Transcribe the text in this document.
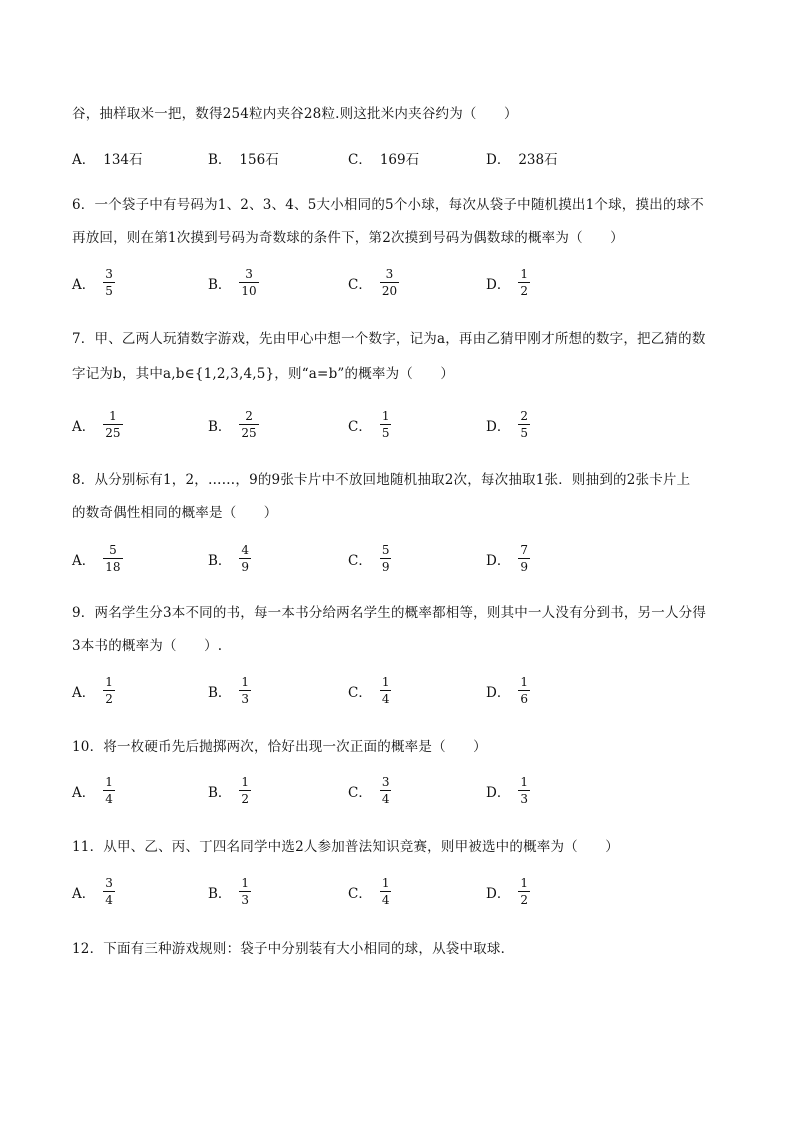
谷，抽样取米一把，数得254粒内夹谷28粒.则这批米内夹谷约为（　　）
A． 134石	B． 156石	C． 169石	D． 238石
6．一个袋子中有号码为1、2、3、4、5大小相同的5个小球，每次从袋子中随机摸出1个球，摸出的球不
再放回，则在第1次摸到号码为奇数球的条件下，第2次摸到号码为偶数球的概率为（　　）
A． $\frac{3}{5}$	B． $\frac{3}{10}$	C． $\frac{3}{20}$	D． $\frac{1}{2}$
7．甲、乙两人玩猜数字游戏，先由甲心中想一个数字，记为a，再由乙猜甲刚才所想的数字，把乙猜的数
字记为b，其中a,b∈{1,2,3,4,5}，则“a=b”的概率为（　　）
A． $\frac{1}{25}$	B． $\frac{2}{25}$	C． $\frac{1}{5}$	D． $\frac{2}{5}$
8．从分别标有1，2，……，9的9张卡片中不放回地随机抽取2次，每次抽取1张．则抽到的2张卡片上
的数奇偶性相同的概率是（　　）
A． $\frac{5}{18}$	B． $\frac{4}{9}$	C． $\frac{5}{9}$	D． $\frac{7}{9}$
9．两名学生分3本不同的书，每一本书分给两名学生的概率都相等，则其中一人没有分到书，另一人分得
3本书的概率为（　　）.
A． $\frac{1}{2}$	B． $\frac{1}{3}$	C． $\frac{1}{4}$	D． $\frac{1}{6}$
10．将一枚硬币先后抛掷两次，恰好出现一次正面的概率是（　　）
A． $\frac{1}{4}$	B． $\frac{1}{2}$	C． $\frac{3}{4}$	D． $\frac{1}{3}$
11．从甲、乙、丙、丁四名同学中选2人参加普法知识竞赛，则甲被选中的概率为（　　）
A． $\frac{3}{4}$	B． $\frac{1}{3}$	C． $\frac{1}{4}$	D． $\frac{1}{2}$
12．下面有三种游戏规则：袋子中分别装有大小相同的球，从袋中取球．
